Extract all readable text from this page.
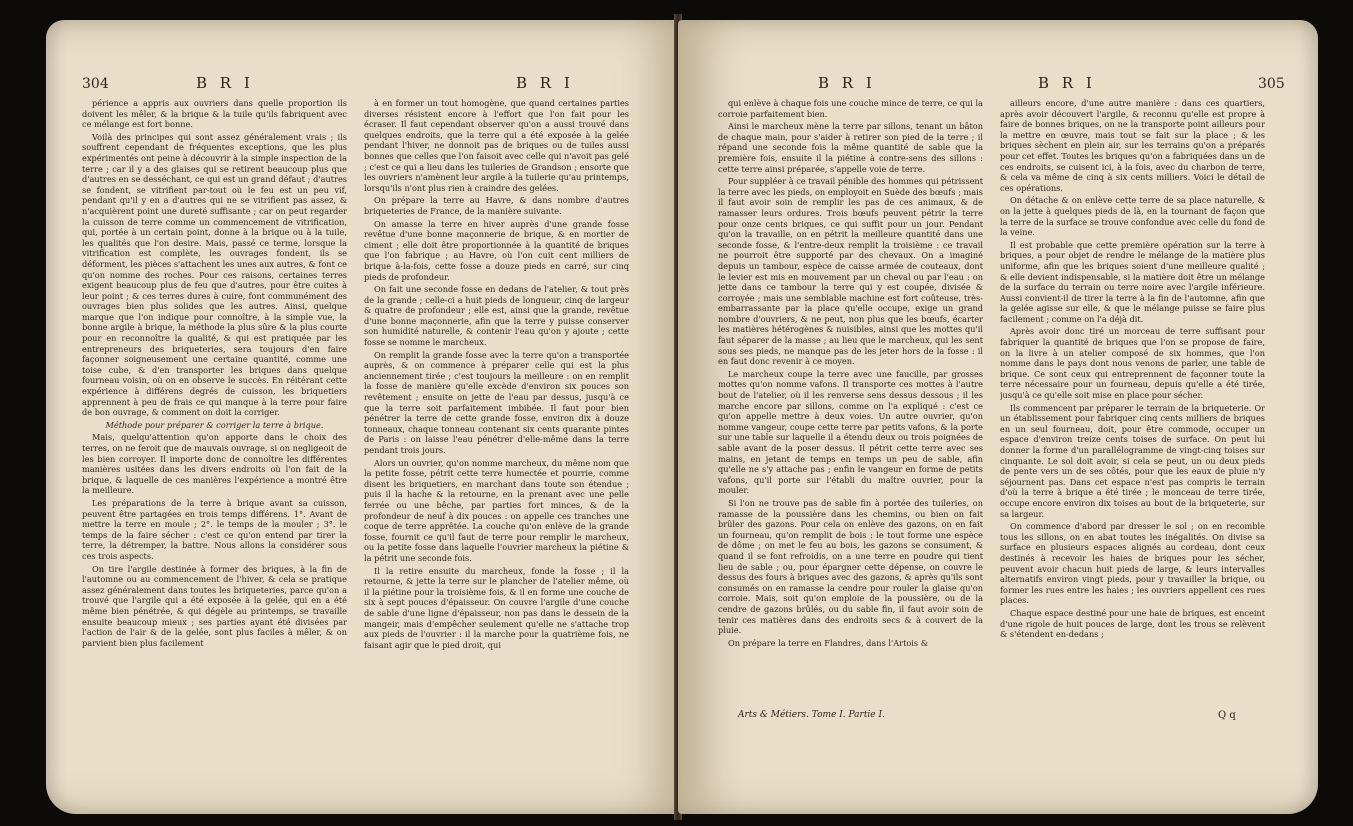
304	B R I	B R I

périence a appris aux ouvriers dans quelle proportion ils doivent les mêler, & la brique & la tuile qu'ils fabriquent avec ce mélange est fort bonne.

Voilà des principes qui sont assez généralement vrais ; ils souffrent cependant de fréquentes exceptions, que les plus expérimentés ont peine à découvrir à la simple inspection de la terre ; car il y a des glaises qui se retirent beaucoup plus que d'autres en se desséchant, ce qui est un grand défaut ; d'autres se fondent, se vitrifient par-tout où le feu est un peu vif, pendant qu'il y en a d'autres qui ne se vitrifient pas assez, & n'acquièrent point une dureté suffisante ; car on peut regarder la cuisson de terre comme un commencement de vitrification, qui, portée à un certain point, donne à la brique ou à la tuile, les qualités que l'on desire. Mais, passé ce terme, lorsque la vitrification est complète, les ouvrages fondent, ils se déforment, les pièces s'attachent les unes aux autres, & font ce qu'on nomme des roches. Pour ces raisons, certaines terres exigent beaucoup plus de feu que d'autres, pour être cuites à leur point ; & ces terres dures à cuire, font communément des ouvrages bien plus solides que les autres. Ainsi, quelque marque que l'on indique pour connoître, à la simple vue, la bonne argile à brique, la méthode la plus sûre & la plus courte pour en reconnoître la qualité, & qui est pratiquée par les entrepreneurs des briqueteries, sera toujours d'en faire façonner soigneusement une certaine quantité, comme une toise cube, & d'en transporter les briques dans quelque fourneau voisin, où on en observe le succès. En réitérant cette expérience à différens degrés de cuisson, les briquetiers apprennent à peu de frais ce qui manque à la terre pour faire de bon ouvrage, & comment on doit la corriger.

Méthode pour préparer & corriger la terre à brique.

Mais, quelqu'attention qu'on apporte dans le choix des terres, on ne feroit que de mauvais ouvrage, si on negligeoit de les bien corroyer. Il importe donc de connoître les différentes manières usitées dans les divers endroits où l'on fait de la brique, & laquelle de ces manières l'expérience a montré être la meilleure.

Les préparations de la terre à brique avant sa cuisson, peuvent être partagées en trois temps différens. 1°. Avant de mettre la terre en moule ; 2°. le temps de la mouler ; 3°. le temps de la faire sécher : c'est ce qu'on entend par tirer la terre, la détremper, la battre. Nous allons la considérer sous ces trois aspects.

On tire l'argile destinée à former des briques, à la fin de l'automne ou au commencement de l'hiver, & cela se pratique assez généralement dans toutes les briqueteries, parce qu'on a trouvé que l'argile qui a été exposée à la gelée, qui en a été même bien pénétrée, & qui dégèle au printemps, se travaille ensuite beaucoup mieux ; ses parties ayant été divisées par l'action de l'air & de la gelée, sont plus faciles à mêler, & on parvient bien plus facilement

à en former un tout homogène, que quand certaines parties diverses résistent encore à l'effort que l'on fait pour les écraser. Il faut cependant observer qu'on a aussi trouvé dans quelques endroits, que la terre qui a été exposée à la gelée pendant l'hiver, ne donnoit pas de briques ou de tuiles aussi bonnes que celles que l'on faisoit avec celle qui n'avoit pas gelé ; c'est ce qui a lieu dans les tuileries de Grandson ; ensorte que les ouvriers n'amènent leur argile à la tuilerie qu'au printemps, lorsqu'ils n'ont plus rien à craindre des gelées.

On prépare la terre au Havre, & dans nombre d'autres briqueteries de France, de la manière suivante.

On amasse la terre en hiver auprès d'une grande fosse revêtue d'une bonne maçonnerie de brique, & en mortier de ciment ; elle doit être proportionnée à la quantité de briques que l'on fabrique ; au Havre, où l'on cuit cent milliers de brique à-la-fois, cette fosse a douze pieds en carré, sur cinq pieds de profondeur.

On fait une seconde fosse en dedans de l'atelier, & tout près de la grande ; celle-ci a huit pieds de longueur, cinq de largeur & quatre de profondeur ; elle est, ainsi que la grande, revêtue d'une bonne maçonnerie, afin que la terre y puisse conserver son humidité naturelle, & contenir l'eau qu'on y ajoute ; cette fosse se nomme le marcheux.

On remplit la grande fosse avec la terre qu'on a transportée auprès, & on commence à préparer celle qui est la plus anciennement tirée ; c'est toujours la meilleure : on en remplit la fosse de manière qu'elle excède d'environ six pouces son revêtement ; ensuite on jette de l'eau par dessus, jusqu'à ce que la terre soit parfaitement imbibée. Il faut pour bien pénétrer la terre de cette grande fosse, environ dix à douze tonneaux, chaque tonneau contenant six cents quarante pintes de Paris : on laisse l'eau pénétrer d'elle-même dans la terre pendant trois jours.

Alors un ouvrier, qu'on nomme marcheux, du même nom que la petite fosse, pétrit cette terre humectée et pourrie, comme disent les briquetiers, en marchant dans toute son étendue ; puis il la hache & la retourne, en la prenant avec une pelle ferrée ou une bêche, par parties fort minces, & de la profondeur de neuf à dix pouces : on appelle ces tranches une coque de terre apprêtée. La couche qu'on enlève de la grande fosse, fournit ce qu'il faut de terre pour remplir le marcheux, ou la petite fosse dans laquelle l'ouvrier marcheux la piétine & la pétrit une seconde fois.

Il la retire ensuite du marcheux, fonde la fosse ; il la retourne, & jette la terre sur le plancher de l'atelier même, où il la piétine pour la troisième fois, & il en forme une couche de six à sept pouces d'épaisseur. On couvre l'argile d'une couche de sable d'une ligne d'épaisseur, non pas dans le dessein de la mangeir, mais d'empêcher seulement qu'elle ne s'attache trop aux pieds de l'ouvrier : il la marche pour la quatrième fois, ne faisant agir que le pied droit, qui

B R I	B R I	305

qui enlève à chaque fois une couche mince de terre, ce qui la corroie parfaitement bien.

Ainsi le marcheux mène la terre par sillons, tenant un bâton de chaque main, pour s'aider à retirer son pied de la terre ; il répand une seconde fois la même quantité de sable que la première fois, ensuite il la piétine à contre-sens des sillons : cette terre ainsi préparée, s'appelle voie de terre.

Pour suppléer à ce travail pénible des hommes qui pétrissent la terre avec les pieds, on employoit en Suède des bœufs ; mais il faut avoir soin de remplir les pas de ces animaux, & de ramasser leurs ordures. Trois bœufs peuvent pétrir la terre pour onze cents briques, ce qui suffit pour un jour. Pendant qu'on la travaille, on en pétrit la meilleure quantité dans une seconde fosse, & l'entre-deux remplit la troisième : ce travail ne pourroit être supporté par des chevaux. On a imaginé depuis un tambour, espèce de caisse armée de couteaux, dont le levier est mis en mouvement par un cheval ou par l'eau : on jette dans ce tambour la terre qui y est coupée, divisée & corroyée ; mais une semblable machine est fort coûteuse, très-embarrassante par la place qu'elle occupe, exige un grand nombre d'ouvriers, & ne peut, non plus que les bœufs, écarter les matières hétérogènes & nuisibles, ainsi que les mottes qu'il faut séparer de la masse ; au lieu que le marcheux, qui les sent sous ses pieds, ne manque pas de les jeter hors de la fosse : il en faut donc revenir à ce moyen.

Le marcheux coupe la terre avec une faucille, par grosses mottes qu'on nomme vafons. Il transporte ces mottes à l'autre bout de l'atelier, où il les renverse sens dessus dessous ; il les marche encore par sillons, comme on l'a expliqué : c'est ce qu'on appelle mettre à deux voies. Un autre ouvrier, qu'on nomme vangeur, coupe cette terre par petits vafons, & la porte sur une table sur laquelle il a étendu deux ou trois poignées de sable avant de la poser dessus. Il pétrit cette terre avec ses mains, en jetant de temps en temps un peu de sable, afin qu'elle ne s'y attache pas ; enfin le vangeur en forme de petits vafons, qu'il porte sur l'établi du maître ouvrier, pour la mouler.

Si l'on ne trouve pas de sable fin à portée des tuileries, on ramasse de la poussière dans les chemins, ou bien on fait brûler des gazons. Pour cela on enlève des gazons, on en fait un fourneau, qu'on remplit de bois : le tout forme une espèce de dôme ; on met le feu au bois, les gazons se consument, & quand il se font refroidis, on a une terre en poudre qui tient lieu de sable ; ou, pour épargner cette dépense, on couvre le dessus des fours à briques avec des gazons, & après qu'ils sont consumés on en ramasse la cendre pour rouler la glaise qu'on corroie. Mais, soit qu'on emploie de la poussière, ou de la cendre de gazons brûlés, ou du sable fin, il faut avoir soin de tenir ces matières dans des endroits secs & à couvert de la pluie.

On prépare la terre en Flandres, dans l'Artois &

ailleurs encore, d'une autre manière : dans ces quartiers, après avoir découvert l'argile, & reconnu qu'elle est propre à faire de bonnes briques, on ne la transporte point ailleurs pour la mettre en œuvre, mais tout se fait sur la place ; & les briques sèchent en plein air, sur les terrains qu'on a préparés pour cet effet. Toutes les briques qu'on a fabriquées dans un de ces endroits, se cuisent ici, à la fois, avec du charbon de terre, & cela va même de cinq à six cents milliers. Voici le détail de ces opérations.

On détache & on enlève cette terre de sa place naturelle, & on la jette à quelques pieds de là, en la tournant de façon que la terre de la surface se trouve confondue avec celle du fond de la veine.

Il est probable que cette première opération sur la terre à briques, a pour objet de rendre le mélange de la matière plus uniforme, afin que les briques soient d'une meilleure qualité ; & elle devient indispensable, si la matière doit être un mélange de la surface du terrain ou terre noire avec l'argile inférieure. Aussi convient-il de tirer la terre à la fin de l'automne, afin que la gelée agisse sur elle, & que le mélange puisse se faire plus facilement ; comme on l'a déjà dit.

Après avoir donc tiré un morceau de terre suffisant pour fabriquer la quantité de briques que l'on se propose de faire, on la livre à un atelier composé de six hommes, que l'on nomme dans le pays dont nous venons de parler, une table de brique. Ce sont ceux qui entreprennent de façonner toute la terre nécessaire pour un fourneau, depuis qu'elle a été tirée, jusqu'à ce qu'elle soit mise en place pour sécher.

Ils commencent par préparer le terrain de la briqueterie. Or un établissement pour fabriquer cinq cents milliers de briques en un seul fourneau, doit, pour être commode, occuper un espace d'environ treize cents toises de surface. On peut lui donner la forme d'un parallélogramme de vingt-cinq toises sur cinquante. Le sol doit avoir, si cela se peut, un ou deux pieds de pente vers un de ses côtés, pour que les eaux de pluie n'y séjournent pas. Dans cet espace n'est pas compris le terrain d'où la terre à brique a été tirée ; le monceau de terre tirée, occupe encore environ dix toises au bout de la briqueterie, sur sa largeur.

On commence d'abord par dresser le sol ; on en recomble tous les sillons, on en abat toutes les inégalités. On divise sa surface en plusieurs espaces alignés au cordeau, dont ceux destinés à recevoir les haies de briques pour les sécher, peuvent avoir chacun huit pieds de large, & leurs intervalles alternatifs environ vingt pieds, pour y travailler la brique, ou former les rues entre les haies ; les ouvriers appellent ces rues places.

Chaque espace destiné pour une haie de briques, est enceint d'une rigole de huit pouces de large, dont les trous se relèvent & s'étendent en-dedans ;

Arts & Métiers. Tome I. Partie I.	Q q
